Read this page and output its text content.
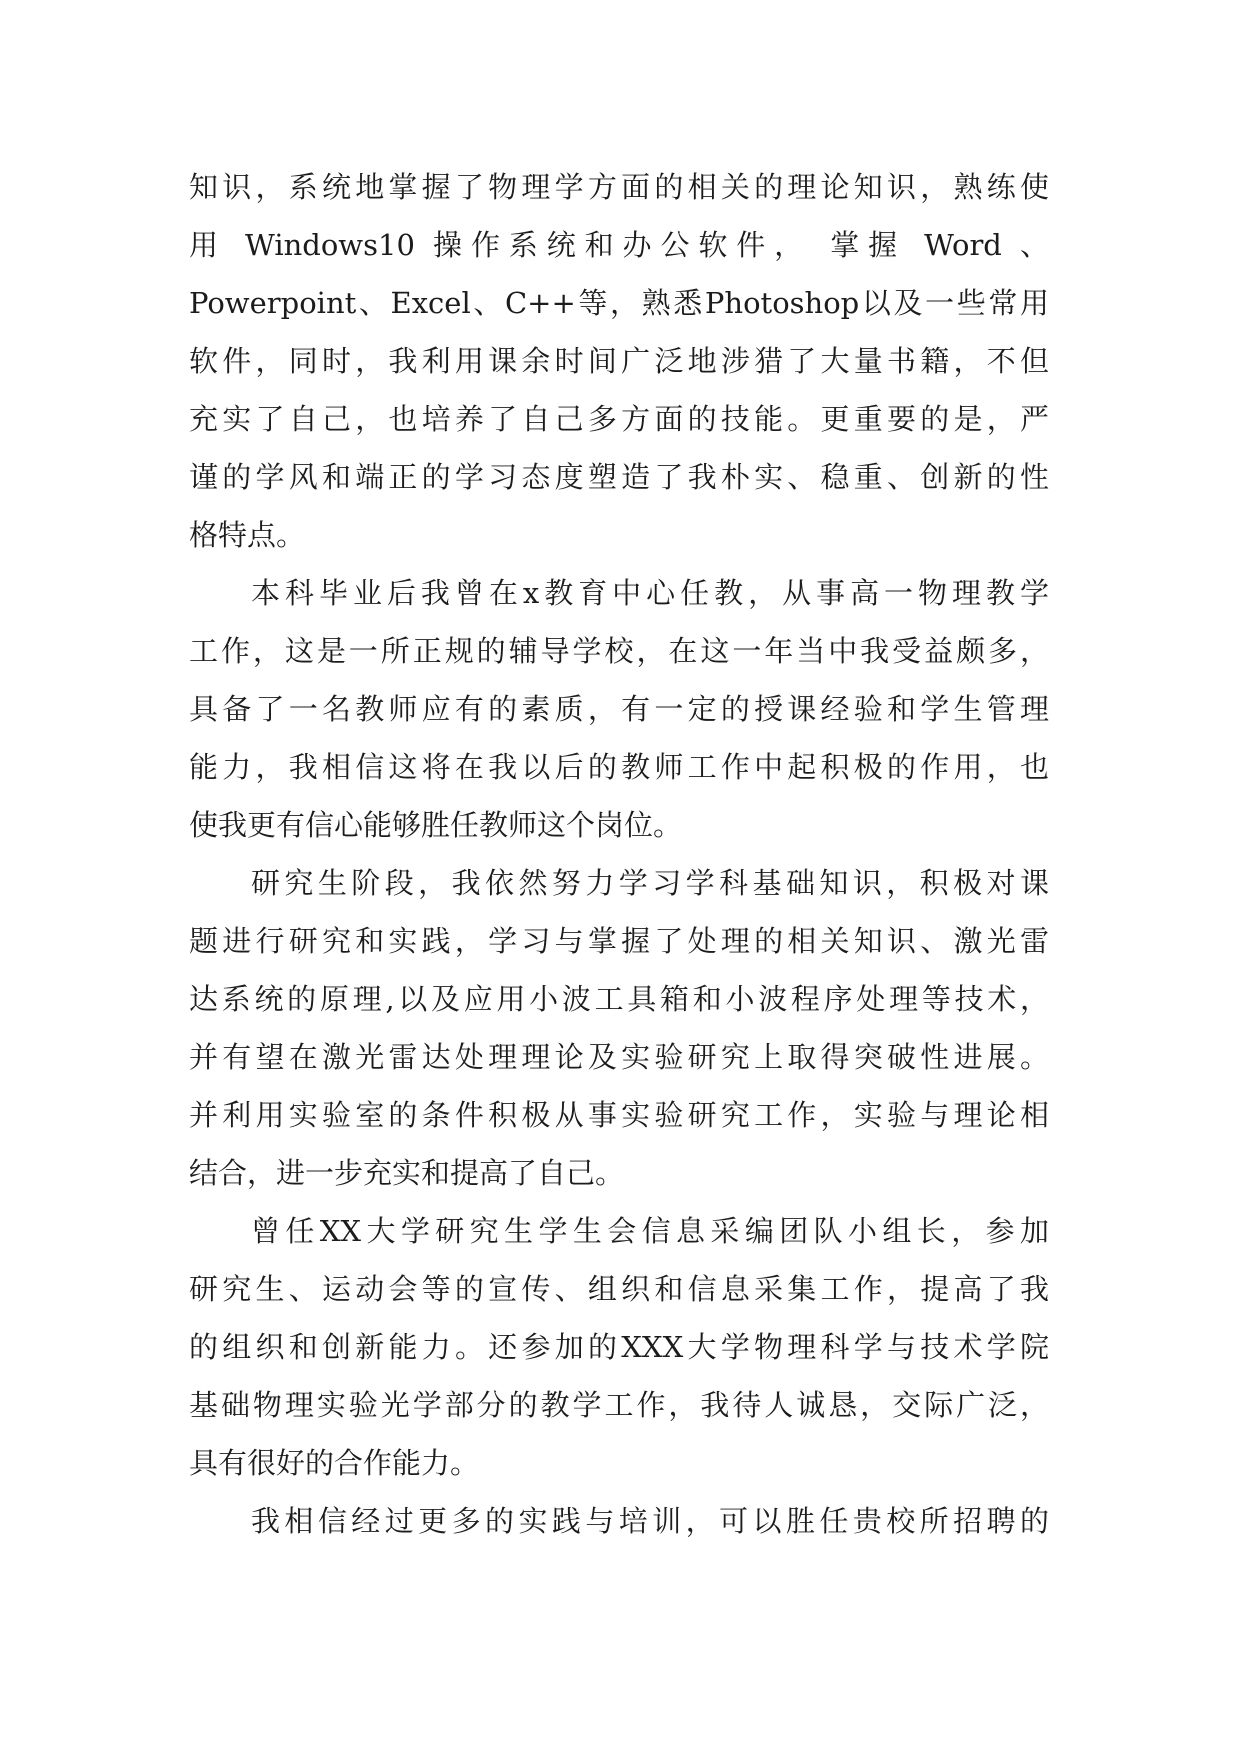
知识，系统地掌握了物理学方面的相关的理论知识，熟练使
用 Windows10 操作系统和办公软件， 掌握 Word 、
Powerpoint、Excel、C++等，熟悉Photoshop以及一些常用
软件，同时，我利用课余时间广泛地涉猎了大量书籍，不但
充实了自己，也培养了自己多方面的技能。更重要的是，严
谨的学风和端正的学习态度塑造了我朴实、稳重、创新的性
格特点。
本科毕业后我曾在x教育中心任教，从事高一物理教学
工作，这是一所正规的辅导学校，在这一年当中我受益颇多，
具备了一名教师应有的素质，有一定的授课经验和学生管理
能力，我相信这将在我以后的教师工作中起积极的作用，也
使我更有信心能够胜任教师这个岗位。
研究生阶段，我依然努力学习学科基础知识，积极对课
题进行研究和实践，学习与掌握了处理的相关知识、激光雷
达系统的原理,以及应用小波工具箱和小波程序处理等技术，
并有望在激光雷达处理理论及实验研究上取得突破性进展。
并利用实验室的条件积极从事实验研究工作，实验与理论相
结合，进一步充实和提高了自己。
曾任XX大学研究生学生会信息采编团队小组长，参加
研究生、运动会等的宣传、组织和信息采集工作，提高了我
的组织和创新能力。还参加的XXX大学物理科学与技术学院
基础物理实验光学部分的教学工作，我待人诚恳，交际广泛，
具有很好的合作能力。
我相信经过更多的实践与培训，可以胜任贵校所招聘的
